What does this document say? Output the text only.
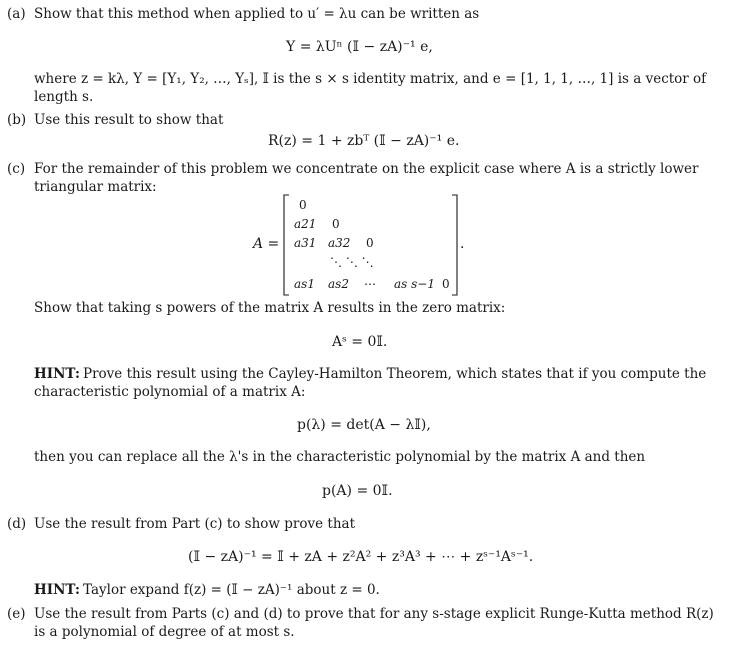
(a) Show that this method when applied to u′ = λu can be written as
Y = λUⁿ (𝕀 − zA)⁻¹ e,
where z = kλ, Y = [Y₁, Y₂, …, Yₛ], 𝕀 is the s × s identity matrix, and e = [1, 1, 1, …, 1] is a vector of
length s.
(b) Use this result to show that
R(z) = 1 + zbᵀ (𝕀 − zA)⁻¹ e.
(c) For the remainder of this problem we concentrate on the explicit case where A is a strictly lower
triangular matrix:
A =
0
a21 0
a31 a32 0
⋱ ⋱ ⋱
as1 as2 ⋯ as s−1 0
.
Show that taking s powers of the matrix A results in the zero matrix:
Aˢ = 0𝕀.
HINT: Prove this result using the Cayley-Hamilton Theorem, which states that if you compute the
characteristic polynomial of a matrix A:
p(λ) = det(A − λ𝕀),
then you can replace all the λ's in the characteristic polynomial by the matrix A and then
p(A) = 0𝕀.
(d) Use the result from Part (c) to show prove that
(𝕀 − zA)⁻¹ = 𝕀 + zA + z²A² + z³A³ + ⋯ + zˢ⁻¹Aˢ⁻¹.
HINT: Taylor expand f(z) = (𝕀 − zA)⁻¹ about z = 0.
(e) Use the result from Parts (c) and (d) to prove that for any s-stage explicit Runge-Kutta method R(z)
is a polynomial of degree of at most s.
